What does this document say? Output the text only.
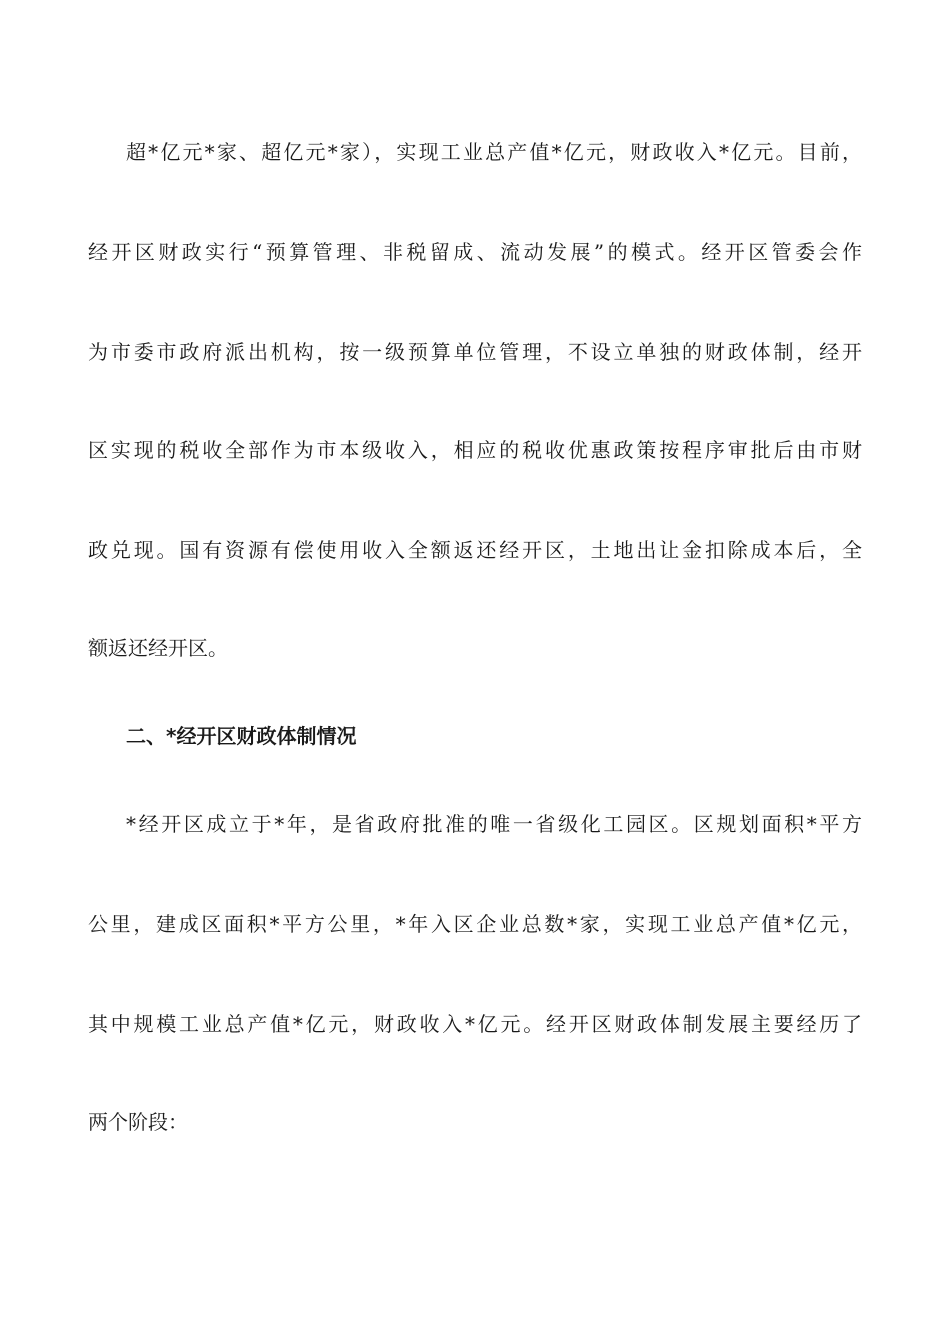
超*亿元*家、超亿元*家），实现工业总产值*亿元，财政收入*亿元。目前，
经开区财政实行“预算管理、非税留成、流动发展”的模式。经开区管委会作
为市委市政府派出机构，按一级预算单位管理，不设立单独的财政体制，经开
区实现的税收全部作为市本级收入，相应的税收优惠政策按程序审批后由市财
政兑现。国有资源有偿使用收入全额返还经开区，土地出让金扣除成本后，全
额返还经开区。
二、*经开区财政体制情况
*经开区成立于*年，是省政府批准的唯一省级化工园区。区规划面积*平方
公里，建成区面积*平方公里，*年入区企业总数*家，实现工业总产值*亿元，
其中规模工业总产值*亿元，财政收入*亿元。经开区财政体制发展主要经历了
两个阶段：
